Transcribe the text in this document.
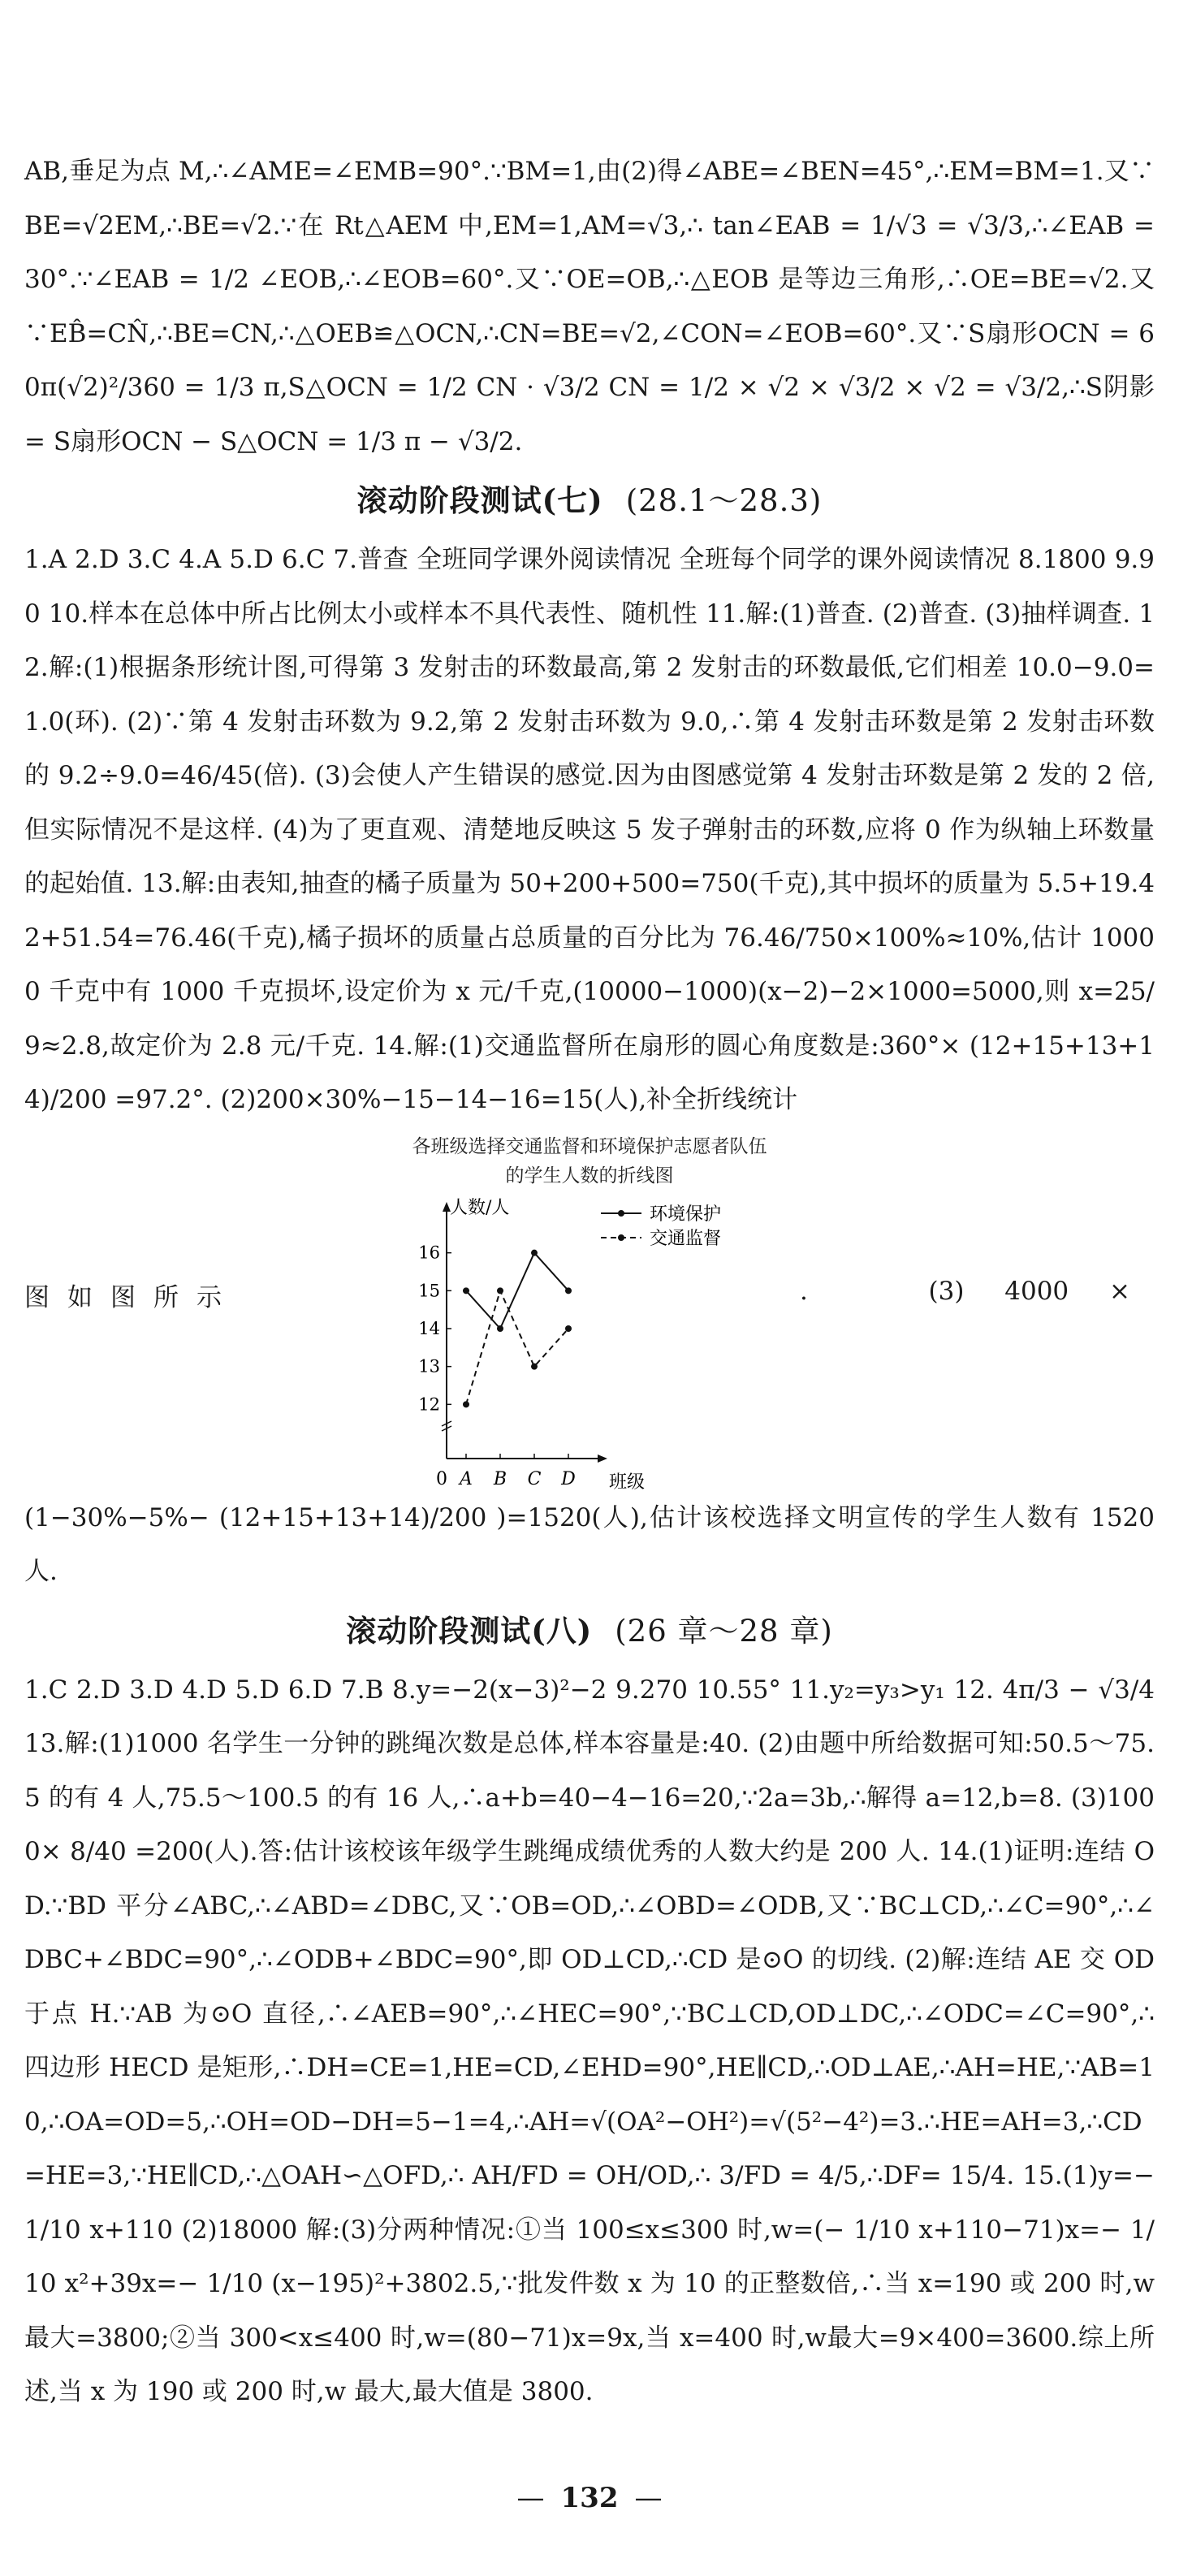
AB,垂足为点 M,∴∠AME=∠EMB=90°.∵BM=1,由(2)得∠ABE=∠BEN=45°,∴EM=BM=1.又∵BE=√2EM,∴BE=√2.∵在 Rt△AEM 中,EM=1,AM=√3,∴ tan∠EAB = 1/√3 = √3/3,∴∠EAB = 30°.∵∠EAB = 1/2 ∠EOB,∴∠EOB=60°.又∵OE=OB,∴△EOB 是等边三角形,∴OE=BE=√2.又∵EB̂=CN̂,∴BE=CN,∴△OEB≌△OCN,∴CN=BE=√2,∠CON=∠EOB=60°.又∵S扇形OCN = 60π(√2)²/360 = 1/3 π,S△OCN = 1/2 CN · √3/2 CN = 1/2 × √2 × √3/2 × √2 = √3/2,∴S阴影 = S扇形OCN − S△OCN = 1/3 π − √3/2.

滚动阶段测试(七) (28.1～28.3)

1.A 2.D 3.C 4.A 5.D 6.C 7.普查 全班同学课外阅读情况 全班每个同学的课外阅读情况 8.1800 9.90 10.样本在总体中所占比例太小或样本不具代表性、随机性 11.解:(1)普查. (2)普查. (3)抽样调查. 12.解:(1)根据条形统计图,可得第 3 发射击的环数最高,第 2 发射击的环数最低,它们相差 10.0−9.0=1.0(环). (2)∵第 4 发射击环数为 9.2,第 2 发射击环数为 9.0,∴第 4 发射击环数是第 2 发射击环数的 9.2÷9.0=46/45(倍). (3)会使人产生错误的感觉.因为由图感觉第 4 发射击环数是第 2 发的 2 倍,但实际情况不是这样. (4)为了更直观、清楚地反映这 5 发子弹射击的环数,应将 0 作为纵轴上环数量的起始值. 13.解:由表知,抽查的橘子质量为 50+200+500=750(千克),其中损坏的质量为 5.5+19.42+51.54=76.46(千克),橘子损坏的质量占总质量的百分比为 76.46/750×100%≈10%,估计 10000 千克中有 1000 千克损坏,设定价为 x 元/千克,(10000−1000)(x−2)−2×1000=5000,则 x=25/9≈2.8,故定价为 2.8 元/千克. 14.解:(1)交通监督所在扇形的圆心角度数是:360°× (12+15+13+14)/200 =97.2°. (2)200×30%−15−14−16=15(人),补全折线统计

各班级选择交通监督和环境保护志愿者队伍的学生人数的折线图

图如图所示
人数/人
班级
0
12
13
14
15
16
A B C D
环境保护
交通监督
.	(3) 4000 ×

(1−30%−5%− (12+15+13+14)/200 )=1520(人),估计该校选择文明宣传的学生人数有 1520 人.

滚动阶段测试(八) (26 章～28 章)

1.C 2.D 3.D 4.D 5.D 6.D 7.B 8.y=−2(x−3)²−2 9.270 10.55° 11.y₂=y₃>y₁ 12. 4π/3 − √3/4 13.解:(1)1000 名学生一分钟的跳绳次数是总体,样本容量是:40. (2)由题中所给数据可知:50.5～75.5 的有 4 人,75.5～100.5 的有 16 人,∴a+b=40−4−16=20,∵2a=3b,∴解得 a=12,b=8. (3)1000× 8/40 =200(人).答:估计该校该年级学生跳绳成绩优秀的人数大约是 200 人. 14.(1)证明:连结 OD.∵BD 平分∠ABC,∴∠ABD=∠DBC,又∵OB=OD,∴∠OBD=∠ODB,又∵BC⊥CD,∴∠C=90°,∴∠DBC+∠BDC=90°,∴∠ODB+∠BDC=90°,即 OD⊥CD,∴CD 是⊙O 的切线. (2)解:连结 AE 交 OD 于点 H.∵AB 为⊙O 直径,∴∠AEB=90°,∴∠HEC=90°,∵BC⊥CD,OD⊥DC,∴∠ODC=∠C=90°,∴四边形 HECD 是矩形,∴DH=CE=1,HE=CD,∠EHD=90°,HE∥CD,∴OD⊥AE,∴AH=HE,∵AB=10,∴OA=OD=5,∴OH=OD−DH=5−1=4,∴AH=√(OA²−OH²)=√(5²−4²)=3.∴HE=AH=3,∴CD=HE=3,∵HE∥CD,∴△OAH∽△OFD,∴ AH/FD = OH/OD,∴ 3/FD = 4/5,∴DF= 15/4. 15.(1)y=− 1/10 x+110 (2)18000 解:(3)分两种情况:①当 100≤x≤300 时,w=(− 1/10 x+110−71)x=− 1/10 x²+39x=− 1/10 (x−195)²+3802.5,∵批发件数 x 为 10 的正整数倍,∴当 x=190 或 200 时,w最大=3800;②当 300<x≤400 时,w=(80−71)x=9x,当 x=400 时,w最大=9×400=3600.综上所述,当 x 为 190 或 200 时,w 最大,最大值是 3800.

— 132 —
